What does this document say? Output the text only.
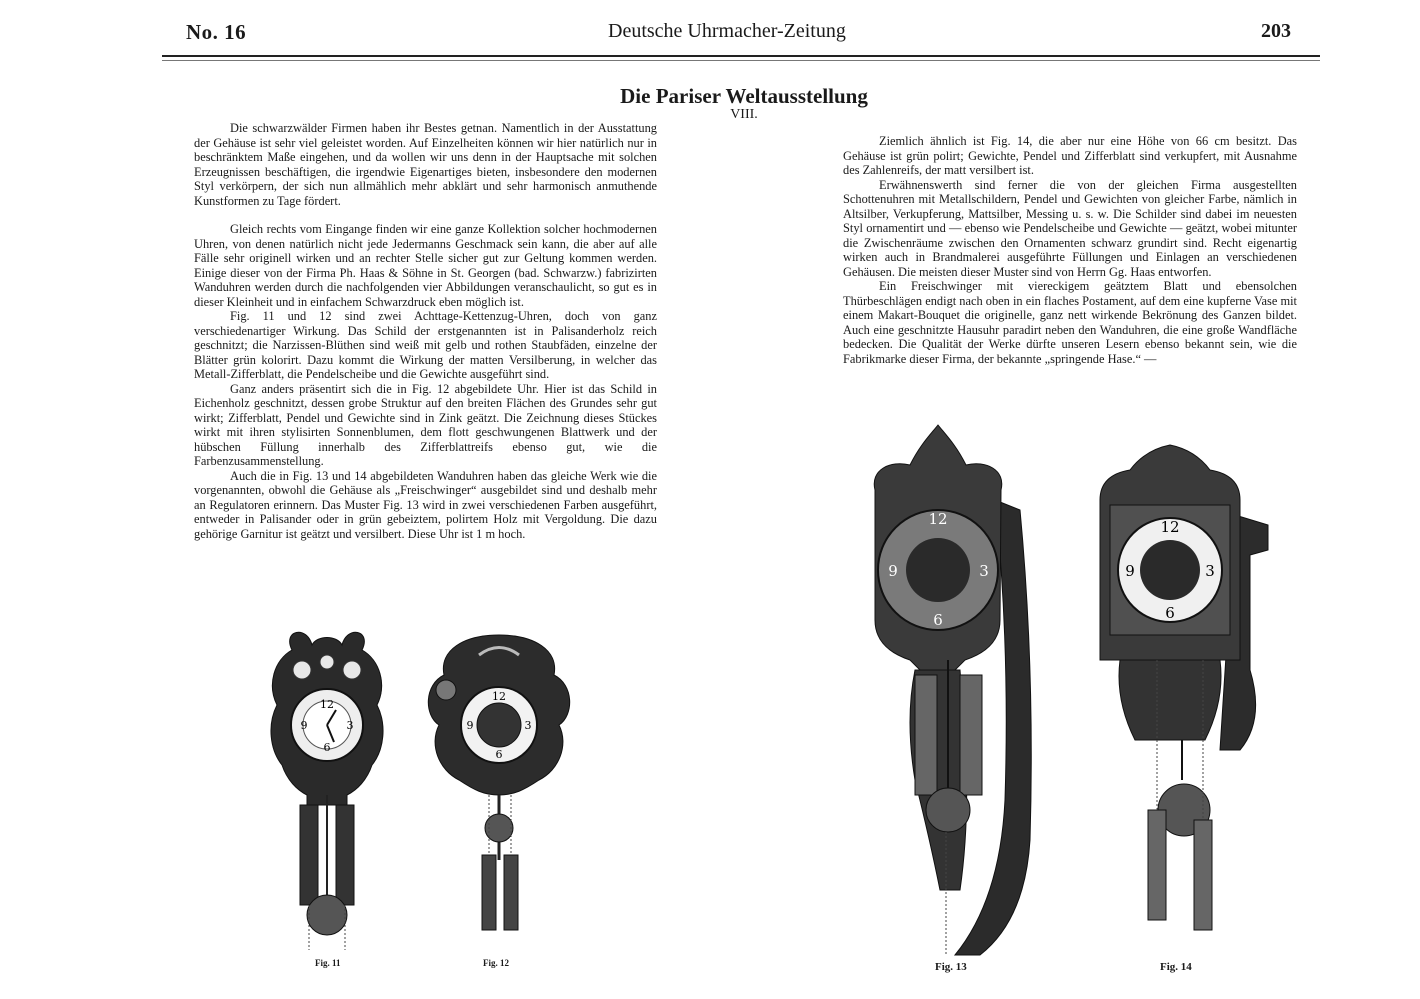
No. 16	Deutsche Uhrmacher-Zeitung	203
Die Pariser Weltausstellung
VIII.

Die schwarzwälder Firmen haben ihr Bestes getnan. Namentlich in der Ausstattung der Gehäuse ist sehr viel geleistet worden. Auf Einzelheiten können wir hier natürlich nur in beschränktem Maße eingehen, und da wollen wir uns denn in der Hauptsache mit solchen Erzeugnissen beschäftigen, die irgendwie Eigenartiges bieten, insbesondere den modernen Styl verkörpern, der sich nun allmählich mehr abklärt und sehr harmonisch anmuthende Kunstformen zu Tage fördert.

Gleich rechts vom Eingange finden wir eine ganze Kollektion solcher hochmodernen Uhren, von denen natürlich nicht jede Jedermanns Geschmack sein kann, die aber auf alle Fälle sehr originell wirken und an rechter Stelle sicher gut zur Geltung kommen werden. Einige dieser von der Firma Ph. Haas & Söhne in St. Georgen (bad. Schwarzw.) fabrizirten Wanduhren werden durch die nachfolgenden vier Abbildungen veranschaulicht, so gut es in dieser Kleinheit und in einfachem Schwarzdruck eben möglich ist.

Fig. 11 und 12 sind zwei Achttage-Kettenzug-Uhren, doch von ganz verschiedenartiger Wirkung. Das Schild der erstgenannten ist in Palisanderholz reich geschnitzt; die Narzissen-Blüthen sind weiß mit gelb und rothen Staubfäden, einzelne der Blätter grün kolorirt. Dazu kommt die Wirkung der matten Versilberung, in welcher das Metall-Zifferblatt, die Pendelscheibe und die Gewichte ausgeführt sind.

Ganz anders präsentirt sich die in Fig. 12 abgebildete Uhr. Hier ist das Schild in Eichenholz geschnitzt, dessen grobe Struktur auf den breiten Flächen des Grundes sehr gut wirkt; Zifferblatt, Pendel und Gewichte sind in Zink geätzt. Die Zeichnung dieses Stückes wirkt mit ihren stylisirten Sonnenblumen, dem flott geschwungenen Blattwerk und der hübschen Füllung innerhalb des Zifferblattreifs ebenso gut, wie die Farbenzusammenstellung.

Auch die in Fig. 13 und 14 abgebildeten Wanduhren haben das gleiche Werk wie die vorgenannten, obwohl die Gehäuse als „Freischwinger“ ausgebildet sind und deshalb mehr an Regulatoren erinnern. Das Muster Fig. 13 wird in zwei verschiedenen Farben ausgeführt, entweder in Palisander oder in grün gebeiztem, polirtem Holz mit Vergoldung. Die dazu gehörige Garnitur ist geätzt und versilbert. Diese Uhr ist 1 m hoch.

Ziemlich ähnlich ist Fig. 14, die aber nur eine Höhe von 66 cm besitzt. Das Gehäuse ist grün polirt; Gewichte, Pendel und Zifferblatt sind verkupfert, mit Ausnahme des Zahlenreifs, der matt versilbert ist.

Erwähnenswerth sind ferner die von der gleichen Firma ausgestellten Schottenuhren mit Metallschildern, Pendel und Gewichten von gleicher Farbe, nämlich in Altsilber, Verkupferung, Mattsilber, Messing u. s. w. Die Schilder sind dabei im neuesten Styl ornamentirt und — ebenso wie Pendelscheibe und Gewichte — geätzt, wobei mitunter die Zwischenräume zwischen den Ornamenten schwarz grundirt sind. Recht eigenartig wirken auch in Brandmalerei ausgeführte Füllungen und Einlagen an verschiedenen Gehäusen. Die meisten dieser Muster sind von Herrn Gg. Haas entworfen.

Ein Freischwinger mit viereckigem geätztem Blatt und ebensolchen Thürbeschlägen endigt nach oben in ein flaches Postament, auf dem eine kupferne Vase mit einem Makart-Bouquet die originelle, ganz nett wirkende Bekrönung des Ganzen bildet. Auch eine geschnitzte Hausuhr paradirt neben den Wanduhren, die eine große Wandfläche bedecken. Die Qualität der Werke dürfte unseren Lesern ebenso bekannt sein, wie die Fabrikmarke dieser Firma, der bekannte „springende Hase.“ —

12
3
6
9
Fig. 11
12
3
6
9
Fig. 12
12
3
6
9
Fig. 13
12
3
6
9
Fig. 14
